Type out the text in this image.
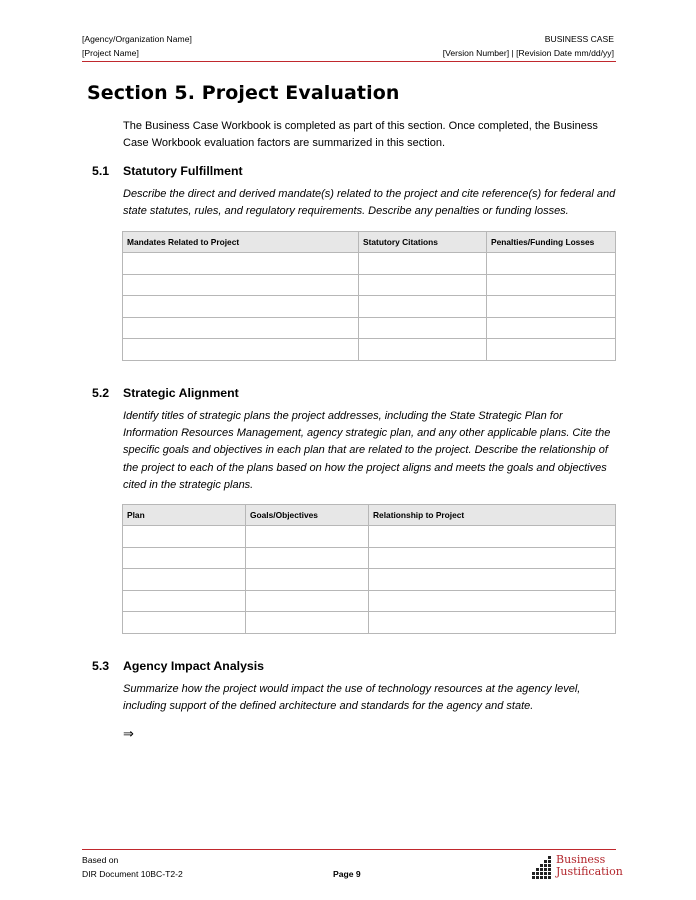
[Agency/Organization Name]	BUSINESS CASE
[Project Name]	[Version Number] | [Revision Date mm/dd/yy]
Section 5. Project Evaluation

The Business Case Workbook is completed as part of this section. Once completed, the Business Case Workbook evaluation factors are summarized in this section.

5.1 Statutory Fulfillment

Describe the direct and derived mandate(s) related to the project and cite reference(s) for federal and state statutes, rules, and regulatory requirements. Describe any penalties or funding losses.

Mandates Related to Project	Statutory Citations	Penalties/Funding Losses

5.2 Strategic Alignment

Identify titles of strategic plans the project addresses, including the State Strategic Plan for Information Resources Management, agency strategic plan, and any other applicable plans. Cite the specific goals and objectives in each plan that are related to the project. Describe the relationship of the project to each of the plans based on how the project aligns and meets the goals and objectives cited in the strategic plans.

Plan	Goals/Objectives	Relationship to Project

5.3 Agency Impact Analysis

Summarize how the project would impact the use of technology resources at the agency level, including support of the defined architecture and standards for the agency and state.

⇒
Based on
DIR Document 10BC-T2-2	Page 9
Business
Justification
